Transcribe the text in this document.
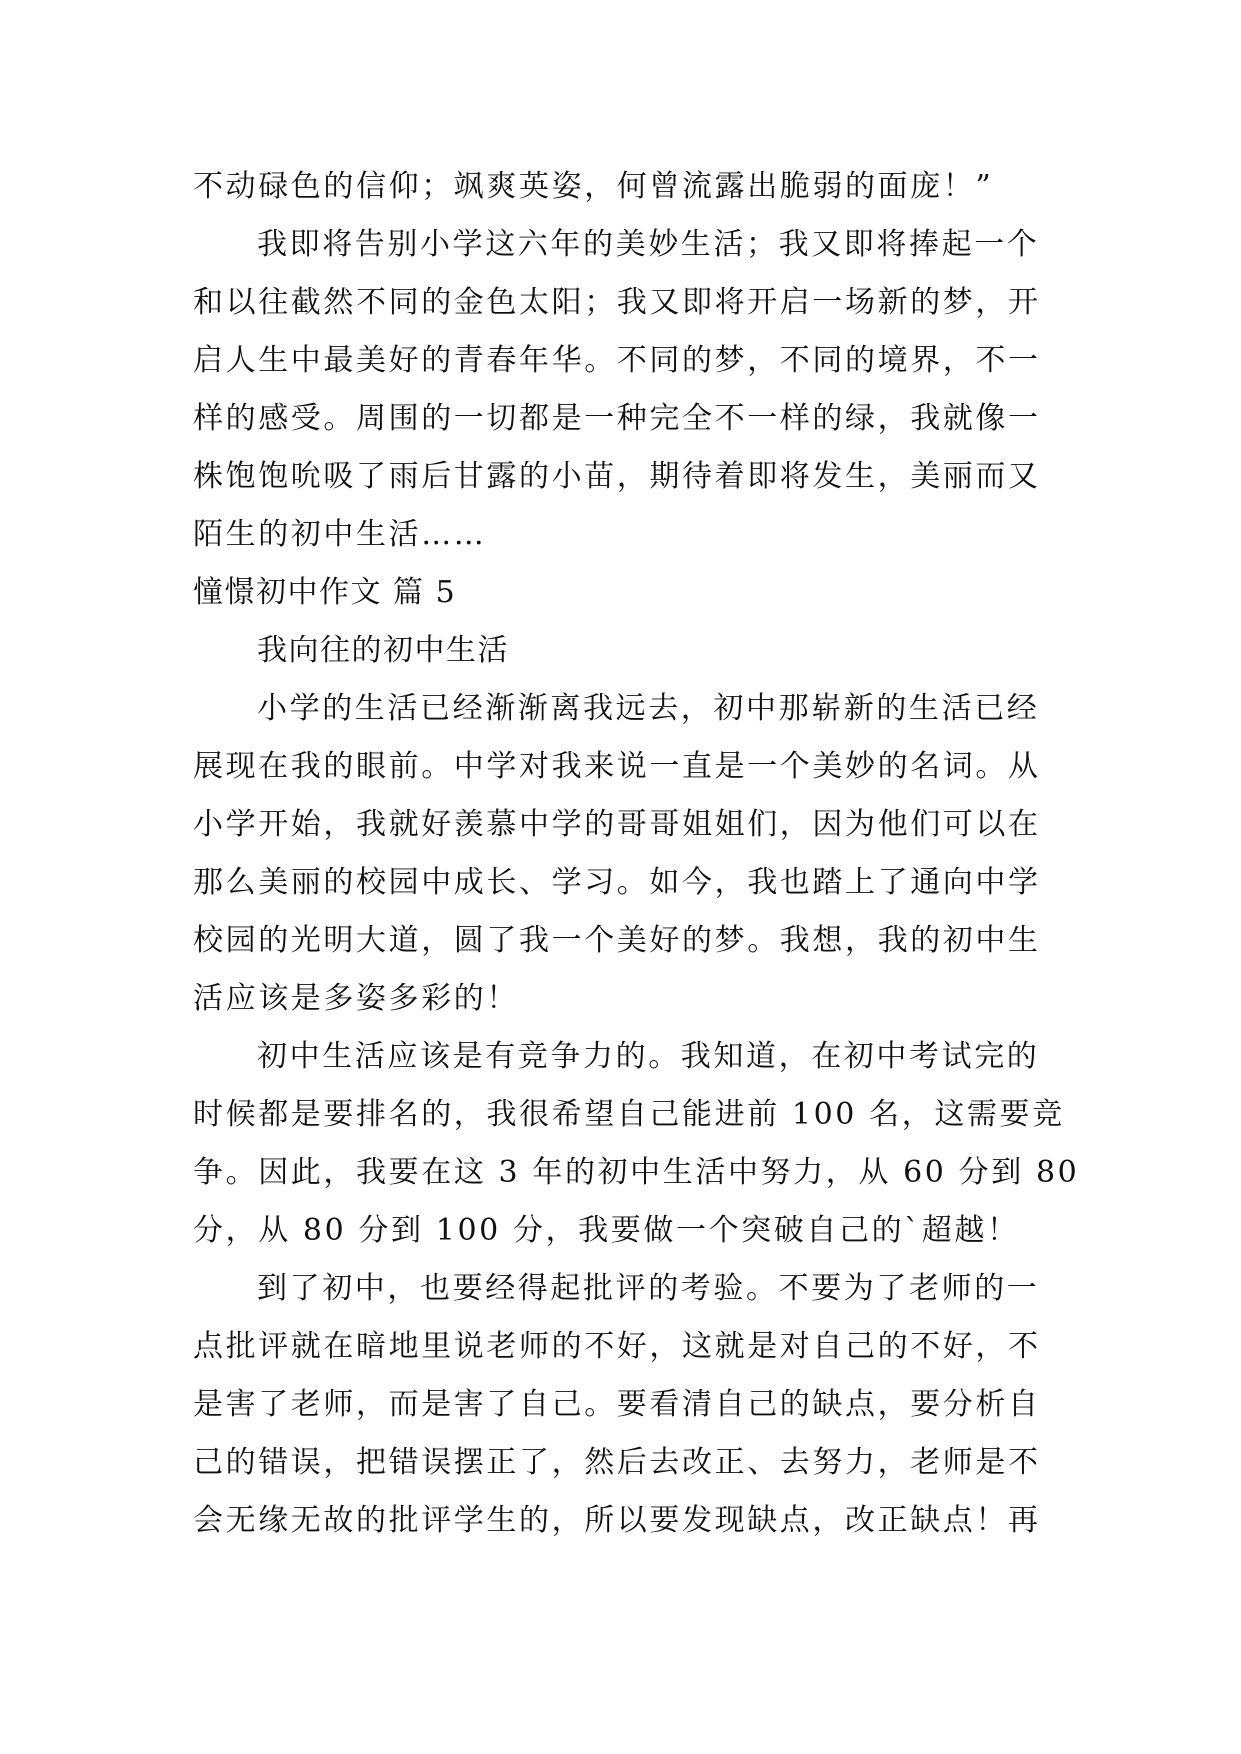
不动碌色的信仰；飒爽英姿，何曾流露出脆弱的面庞！”
我即将告别小学这六年的美妙生活；我又即将捧起一个
和以往截然不同的金色太阳；我又即将开启一场新的梦，开
启人生中最美好的青春年华。不同的梦，不同的境界，不一
样的感受。周围的一切都是一种完全不一样的绿，我就像一
株饱饱吮吸了雨后甘露的小苗，期待着即将发生，美丽而又
陌生的初中生活……
憧憬初中作文 篇 5
我向往的初中生活
小学的生活已经渐渐离我远去，初中那崭新的生活已经
展现在我的眼前。中学对我来说一直是一个美妙的名词。从
小学开始，我就好羡慕中学的哥哥姐姐们，因为他们可以在
那么美丽的校园中成长、学习。如今，我也踏上了通向中学
校园的光明大道，圆了我一个美好的梦。我想，我的初中生
活应该是多姿多彩的！
初中生活应该是有竞争力的。我知道，在初中考试完的
时候都是要排名的，我很希望自己能进前 100 名，这需要竞
争。因此，我要在这 3 年的初中生活中努力，从 60 分到 80
分，从 80 分到 100 分，我要做一个突破自己的`超越！
到了初中，也要经得起批评的考验。不要为了老师的一
点批评就在暗地里说老师的不好，这就是对自己的不好，不
是害了老师，而是害了自己。要看清自己的缺点，要分析自
己的错误，把错误摆正了，然后去改正、去努力，老师是不
会无缘无故的批评学生的，所以要发现缺点，改正缺点！再
